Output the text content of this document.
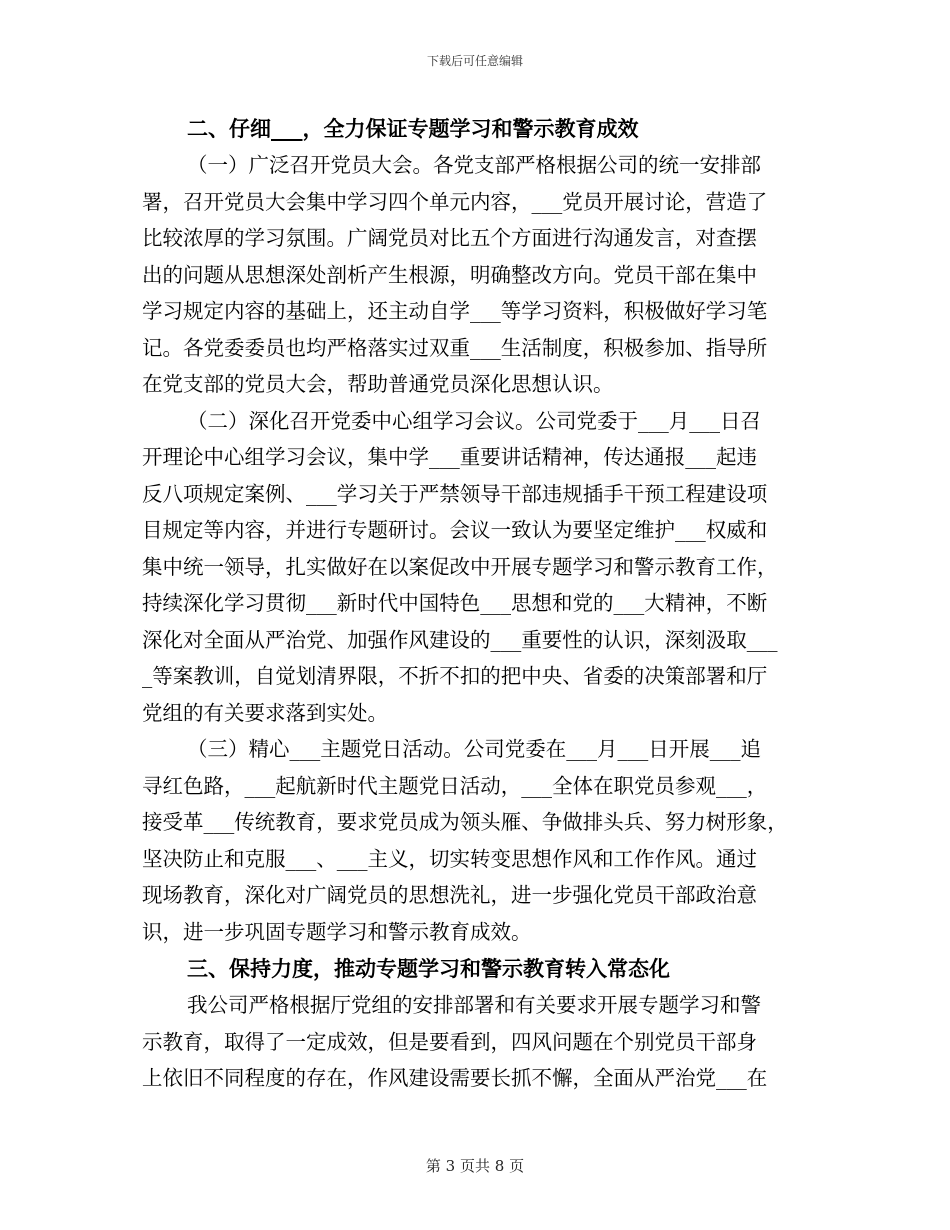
下载后可任意编辑
二、仔细___，全力保证专题学习和警示教育成效
（一）广泛召开党员大会。各党支部严格根据公司的统一安排部
署，召开党员大会集中学习四个单元内容，___党员开展讨论，营造了
比较浓厚的学习氛围。广阔党员对比五个方面进行沟通发言，对查摆
出的问题从思想深处剖析产生根源，明确整改方向。党员干部在集中
学习规定内容的基础上，还主动自学___等学习资料，积极做好学习笔
记。各党委委员也均严格落实过双重___生活制度，积极参加、指导所
在党支部的党员大会，帮助普通党员深化思想认识。
（二）深化召开党委中心组学习会议。公司党委于___月___日召
开理论中心组学习会议，集中学___重要讲话精神，传达通报___起违
反八项规定案例、___学习关于严禁领导干部违规插手干预工程建设项
目规定等内容，并进行专题研讨。会议一致认为要坚定维护___权威和
集中统一领导，扎实做好在以案促改中开展专题学习和警示教育工作，
持续深化学习贯彻___新时代中国特色___思想和党的___大精神，不断
深化对全面从严治党、加强作风建设的___重要性的认识，深刻汲取___
_等案教训，自觉划清界限，不折不扣的把中央、省委的决策部署和厅
党组的有关要求落到实处。
（三）精心___主题党日活动。公司党委在___月___日开展___追
寻红色路，___起航新时代主题党日活动，___全体在职党员参观___，
接受革___传统教育，要求党员成为领头雁、争做排头兵、努力树形象，
坚决防止和克服___、___主义，切实转变思想作风和工作作风。通过
现场教育，深化对广阔党员的思想洗礼，进一步强化党员干部政治意
识，进一步巩固专题学习和警示教育成效。
三、保持力度，推动专题学习和警示教育转入常态化
我公司严格根据厅党组的安排部署和有关要求开展专题学习和警
示教育，取得了一定成效，但是要看到，四风问题在个别党员干部身
上依旧不同程度的存在，作风建设需要长抓不懈，全面从严治党___在
第 3 页共 8 页
